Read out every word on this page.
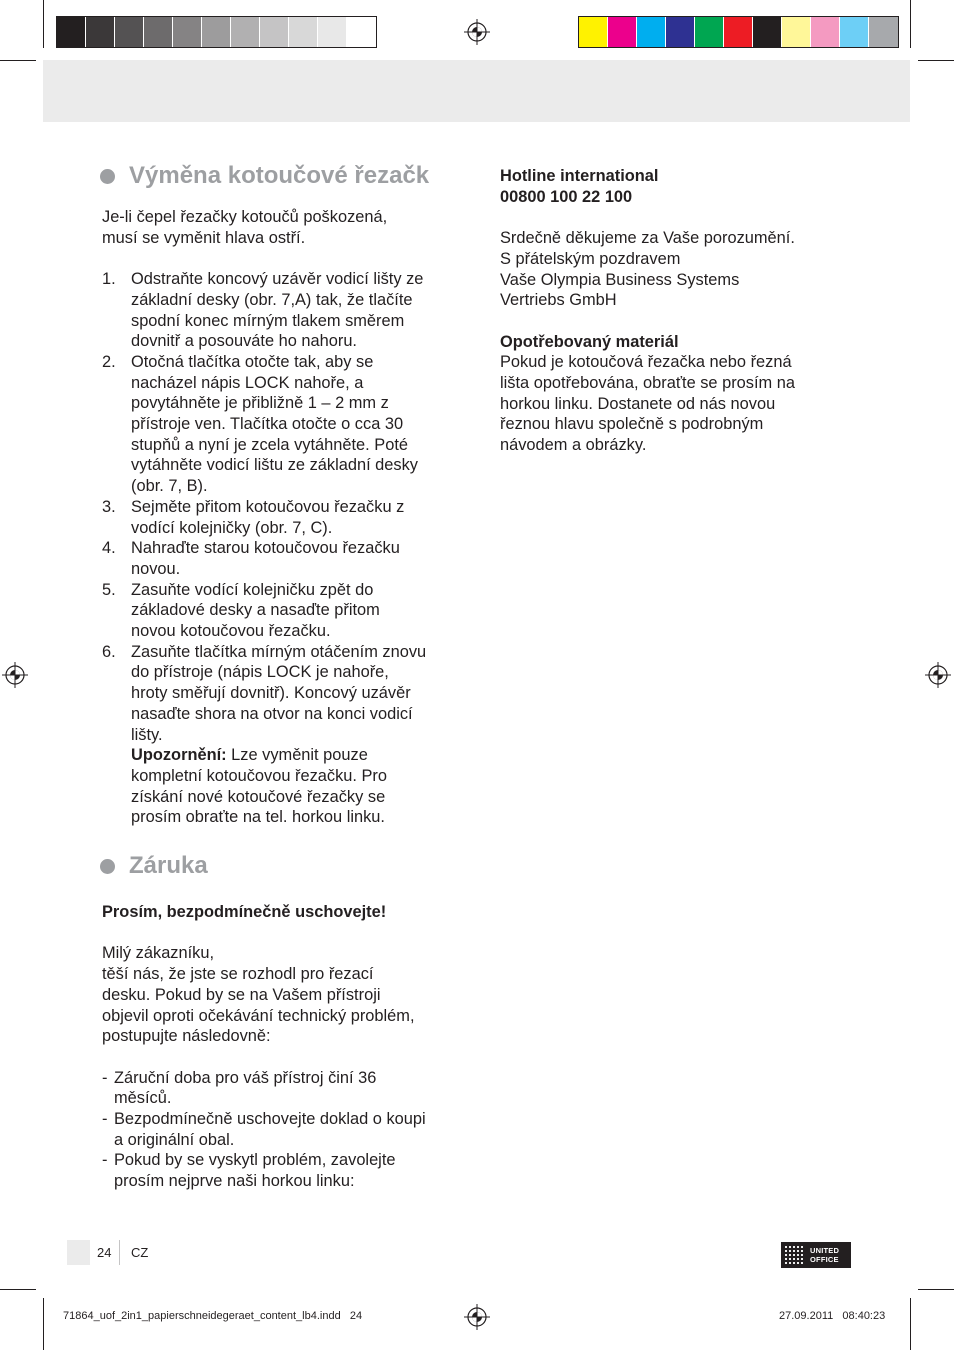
Výměna kotoučové řezačk

Je-li čepel řezačky kotoučů poškozená,

musí se vyměnit hlava ostří.

1. Odstraňte koncový uzávěr vodicí lišty ze

základní desky (obr. 7,A) tak, že tlačíte

spodní konec mírným tlakem směrem

dovnitř a posouváte ho nahoru.

2. Otočná tlačítka otočte tak, aby se

nacházel nápis LOCK nahoře, a

povytáhněte je přibližně 1 – 2 mm z

přístroje ven. Tlačítka otočte o cca 30

stupňů a nyní je zcela vytáhněte. Poté

vytáhněte vodicí lištu ze základní desky

(obr. 7, B).

3. Sejměte přitom kotoučovou řezačku z

vodící kolejničky (obr. 7, C).

4. Nahraďte starou kotoučovou řezačku

novou.

5. Zasuňte vodící kolejničku zpět do

základové desky a nasaďte přitom

novou kotoučovou řezačku.

6. Zasuňte tlačítka mírným otáčením znovu

do přístroje (nápis LOCK je nahoře,

hroty směřují dovnitř). Koncový uzávěr

nasaďte shora na otvor na konci vodicí

lišty.

Upozornění: Lze vyměnit pouze

kompletní kotoučovou řezačku. Pro

získání nové kotoučové řezačky se

prosím obraťte na tel. horkou linku.

Záruka

Prosím, bezpodmínečně uschovejte!

Milý zákazníku,

těší nás, že jste se rozhodl pro řezací

desku. Pokud by se na Vašem přístroji

objevil oproti očekávání technický problém,

postupujte následovně:

- Záruční doba pro váš přístroj činí 36

měsíců.

- Bezpodmínečně uschovejte doklad o koupi

a originální obal.

- Pokud by se vyskytl problém, zavolejte

prosím nejprve naši horkou linku:

Hotline international

00800 100 22 100

Srdečně děkujeme za Vaše porozumění.

S přátelským pozdravem

Vaše Olympia Business Systems

Vertriebs GmbH

Opotřebovaný materiál

Pokud je kotoučová řezačka nebo řezná

lišta opotřebována, obraťte se prosím na

horkou linku. Dostanete od nás novou

řeznou hlavu společně s podrobným

návodem a obrázky.

24 CZ	UNITED
OFFICE
71864_uof_2in1_papierschneidegeraet_content_lb4.indd   24	27.09.2011   08:40:23
